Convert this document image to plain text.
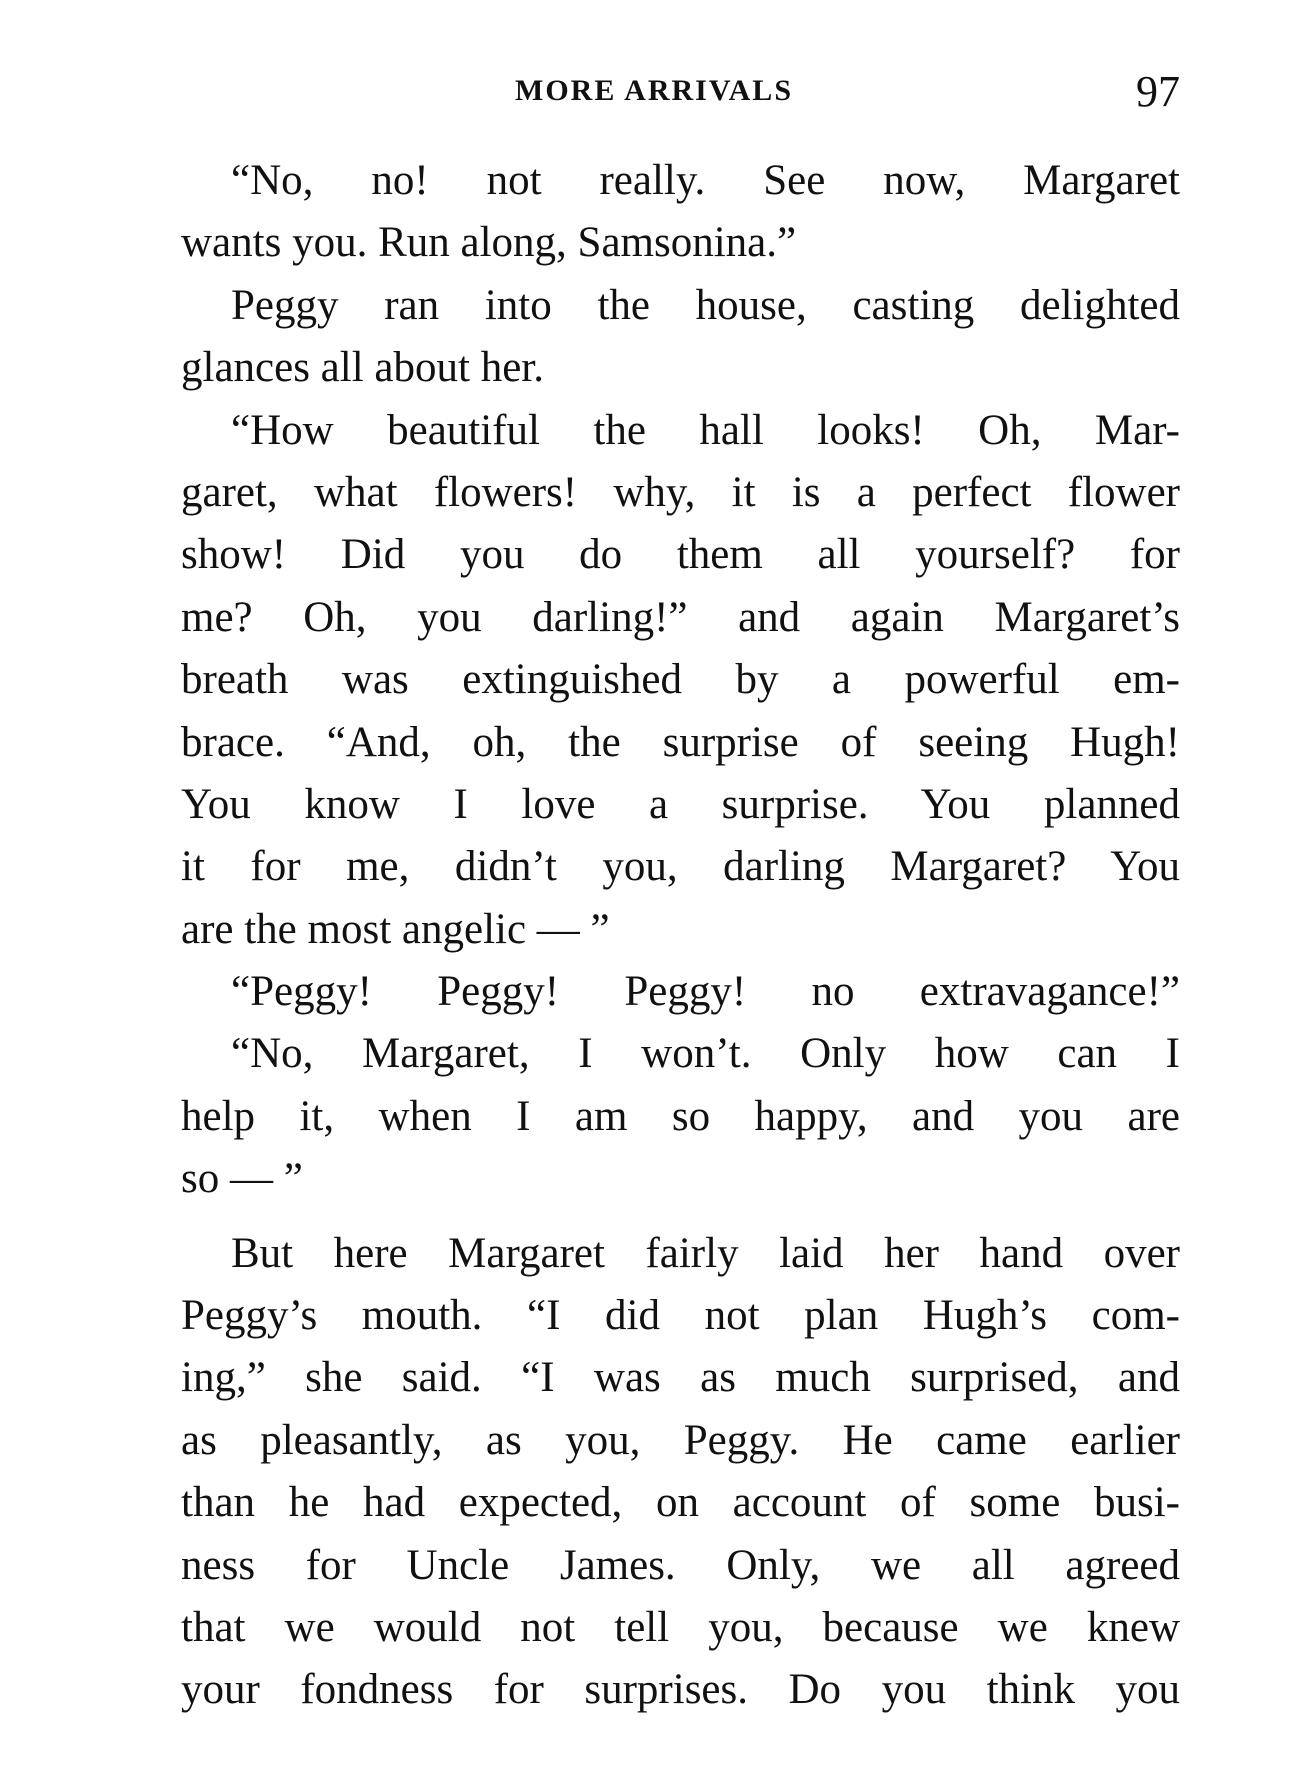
MORE ARRIVALS	97
“No, no! not really. See now, Margaret
wants you. Run along, Samsonina.”
Peggy ran into the house, casting delighted
glances all about her.
“How beautiful the hall looks! Oh, Mar-
garet, what flowers! why, it is a perfect flower
show! Did you do them all yourself? for
me? Oh, you darling!” and again Margaret’s
breath was extinguished by a powerful em-
brace. “And, oh, the surprise of seeing Hugh!
You know I love a surprise. You planned
it for me, didn’t you, darling Margaret? You
are the most angelic — ”
“Peggy! Peggy! Peggy! no extravagance!”
“No, Margaret, I won’t. Only how can I
help it, when I am so happy, and you are
so — ”
But here Margaret fairly laid her hand over
Peggy’s mouth. “I did not plan Hugh’s com-
ing,” she said. “I was as much surprised, and
as pleasantly, as you, Peggy. He came earlier
than he had expected, on account of some busi-
ness for Uncle James. Only, we all agreed
that we would not tell you, because we knew
your fondness for surprises. Do you think you
